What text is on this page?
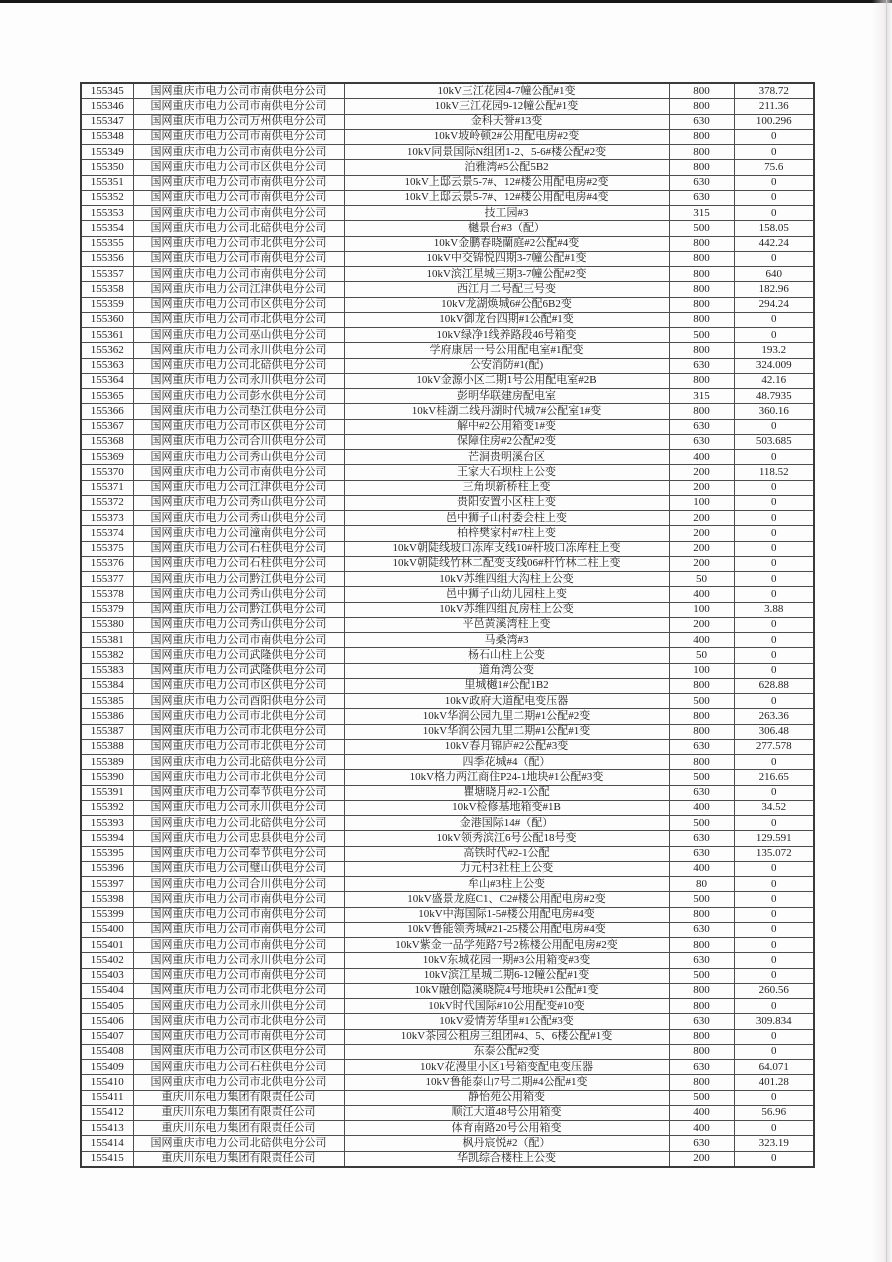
155345	国网重庆市电力公司市南供电分公司	10kV三江花园4-7幢公配#1变	800	378.72
155346	国网重庆市电力公司市南供电分公司	10kV三江花园9-12幢公配#1变	800	211.36
155347	国网重庆市电力公司万州供电分公司	金科天誉#13变	630	100.296
155348	国网重庆市电力公司市南供电分公司	10kV坡岭顿2#公用配电房#2变	800	0
155349	国网重庆市电力公司市南供电分公司	10kV同景国际N组团1-2、5-6#楼公配#2变	800	0
155350	国网重庆市电力公司市区供电分公司	泊雅湾#5公配5B2	800	75.6
155351	国网重庆市电力公司市南供电分公司	10kV上邸云景5-7#、12#楼公用配电房#2变	630	0
155352	国网重庆市电力公司市南供电分公司	10kV上邸云景5-7#、12#楼公用配电房#4变	630	0
155353	国网重庆市电力公司市南供电分公司	技工园#3	315	0
155354	国网重庆市电力公司北碚供电分公司	樾景台#3（配）	500	158.05
155355	国网重庆市电力公司市北供电分公司	10kV金鹏春晓蘭庭#2公配#4变	800	442.24
155356	国网重庆市电力公司市南供电分公司	10kV中交锦悦四期3-7幢公配#1变	800	0
155357	国网重庆市电力公司市南供电分公司	10kV滨江星城三期3-7幢公配#2变	800	640
155358	国网重庆市电力公司江津供电分公司	西江月二号配三号变	800	182.96
155359	国网重庆市电力公司市区供电分公司	10kV龙湖焕城6#公配6B2变	800	294.24
155360	国网重庆市电力公司市北供电分公司	10kV御龙台四期#1公配#1变	800	0
155361	国网重庆市电力公司巫山供电分公司	10kV绿净1线养路段46号箱变	500	0
155362	国网重庆市电力公司永川供电分公司	学府康居一号公用配电室#1配变	800	193.2
155363	国网重庆市电力公司北碚供电分公司	公安消防#1(配)	630	324.009
155364	国网重庆市电力公司永川供电分公司	10kV金源小区二期1号公用配电室#2B	800	42.16
155365	国网重庆市电力公司彭水供电分公司	彭明华联建房配电室	315	48.7935
155366	国网重庆市电力公司垫江供电分公司	10kV桂湖二线丹湖时代城7#公配室1#变	800	360.16
155367	国网重庆市电力公司市区供电分公司	解中#2公用箱变1#变	630	0
155368	国网重庆市电力公司合川供电分公司	保障住房#2公配#2变	630	503.685
155369	国网重庆市电力公司秀山供电分公司	芒洞贵明溪台区	400	0
155370	国网重庆市电力公司市南供电分公司	王家大石坝柱上公变	200	118.52
155371	国网重庆市电力公司江津供电分公司	三角坝新桥柱上变	200	0
155372	国网重庆市电力公司秀山供电分公司	贵阳安置小区柱上变	100	0
155373	国网重庆市电力公司秀山供电分公司	邑中狮子山村委会柱上变	200	0
155374	国网重庆市电力公司潼南供电分公司	柏梓樊家村#7柱上变	200	0
155375	国网重庆市电力公司石柱供电分公司	10kV朝陡线坡口冻库支线10#杆坡口冻库柱上变	200	0
155376	国网重庆市电力公司石柱供电分公司	10kV朝陡线竹林二配变支线06#杆竹林二柱上变	200	0
155377	国网重庆市电力公司黔江供电分公司	10kV苏维四组大沟柱上公变	50	0
155378	国网重庆市电力公司秀山供电分公司	邑中狮子山幼儿园柱上变	400	0
155379	国网重庆市电力公司黔江供电分公司	10kV苏维四组瓦房柱上公变	100	3.88
155380	国网重庆市电力公司秀山供电分公司	平邑黄溪湾柱上变	200	0
155381	国网重庆市电力公司市南供电分公司	马桑湾#3	400	0
155382	国网重庆市电力公司武隆供电分公司	杨石山柱上公变	50	0
155383	国网重庆市电力公司武隆供电分公司	道角湾公变	100	0
155384	国网重庆市电力公司市区供电分公司	里城樾1#公配1B2	800	628.88
155385	国网重庆市电力公司酉阳供电分公司	10kV政府大道配电变压器	500	0
155386	国网重庆市电力公司市北供电分公司	10kV华润公园九里二期#1公配#2变	800	263.36
155387	国网重庆市电力公司市北供电分公司	10kV华润公园九里二期#1公配#1变	800	306.48
155388	国网重庆市电力公司市北供电分公司	10kV春月锦庐#2公配#3变	630	277.578
155389	国网重庆市电力公司北碚供电分公司	四季花城#4（配）	800	0
155390	国网重庆市电力公司市北供电分公司	10kV格力两江商住P24-1地块#1公配#3变	500	216.65
155391	国网重庆市电力公司奉节供电分公司	瞿塘晓月#2-1公配	630	0
155392	国网重庆市电力公司永川供电分公司	10kV检修基地箱变#1B	400	34.52
155393	国网重庆市电力公司北碚供电分公司	金港国际14#（配）	500	0
155394	国网重庆市电力公司忠县供电分公司	10kV领秀滨江6号公配18号变	630	129.591
155395	国网重庆市电力公司奉节供电分公司	高铁时代#2-1公配	630	135.072
155396	国网重庆市电力公司璧山供电分公司	力元村3社柱上公变	400	0
155397	国网重庆市电力公司合川供电分公司	牟山#3柱上公变	80	0
155398	国网重庆市电力公司市南供电分公司	10kV盛景龙庭C1、C2#楼公用配电房#2变	500	0
155399	国网重庆市电力公司市南供电分公司	10kV中海国际1-5#楼公用配电房#4变	800	0
155400	国网重庆市电力公司市南供电分公司	10kV鲁能领秀城#21-25楼公用配电房#4变	630	0
155401	国网重庆市电力公司市南供电分公司	10kV紫金一品学苑路7号2栋楼公用配电房#2变	800	0
155402	国网重庆市电力公司永川供电分公司	10kV东城花园一期#3公用箱变#3变	630	0
155403	国网重庆市电力公司市南供电分公司	10kV滨江星城二期6-12幢公配#1变	500	0
155404	国网重庆市电力公司市北供电分公司	10kV融创隐溪晓院4号地块#1公配#1变	800	260.56
155405	国网重庆市电力公司永川供电分公司	10kV时代国际#10公用配变#10变	800	0
155406	国网重庆市电力公司市北供电分公司	10kV爱情芳华里#1公配#3变	630	309.834
155407	国网重庆市电力公司市南供电分公司	10kV茶园公租房三组团#4、5、6楼公配#1变	800	0
155408	国网重庆市电力公司市区供电分公司	东泰公配#2变	800	0
155409	国网重庆市电力公司石柱供电分公司	10kV花漫里小区1号箱变配电变压器	630	64.071
155410	国网重庆市电力公司市北供电分公司	10kV鲁能泰山7号二期#4公配#1变	800	401.28
155411	重庆川东电力集团有限责任公司	静怡苑公用箱变	500	0
155412	重庆川东电力集团有限责任公司	顺江大道48号公用箱变	400	56.96
155413	重庆川东电力集团有限责任公司	体育南路20号公用箱变	400	0
155414	国网重庆市电力公司北碚供电分公司	枫丹宸悦#2（配）	630	323.19
155415	重庆川东电力集团有限责任公司	华凯综合楼柱上公变	200	0
